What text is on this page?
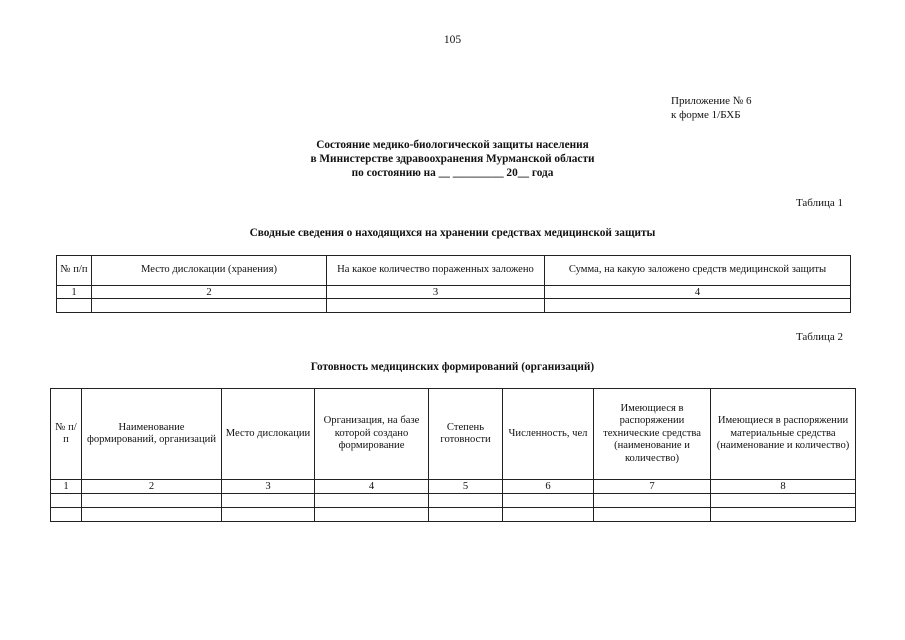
105
Приложение № 6
к форме 1/БХБ
Состояние медико-биологической защиты населения
в Министерстве здравоохранения Мурманской области
по состоянию на __ _________ 20__ года
Таблица 1
Сводные сведения о находящихся на хранении средствах медицинской защиты
№ п/п	Место дислокации (хранения)	На какое количество пораженных заложено	Сумма, на какую заложено средств медицинской защиты
1	2	3	4

Таблица 2
Готовность медицинских формирований (организаций)
№ п/п	Наименование формирований, организаций	Место дислокации	Организация, на базе которой создано формирование	Степень готовности	Численность, чел	Имеющиеся в распоряжении технические средства (наименование и количество)	Имеющиеся в распоряжении материальные средства (наименование и количество)
1	2	3	4	5	6	7	8
